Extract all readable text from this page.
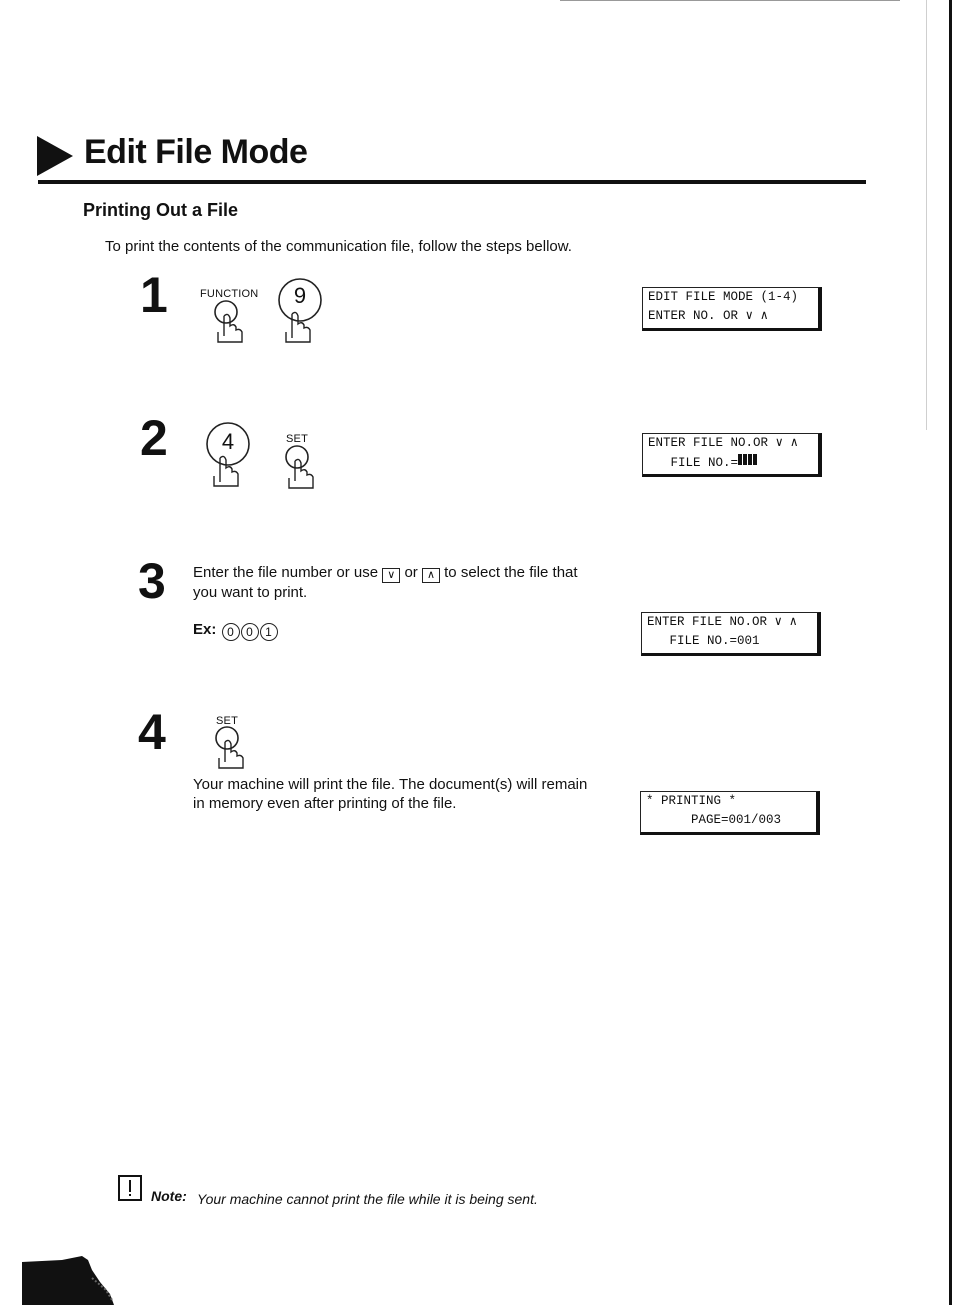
Edit File Mode
Printing Out a File
To print the contents of the communication file, follow the steps bellow.
1	FUNCTION	9	EDIT FILE MODE (1-4)
ENTER NO. OR ∨ ∧
2	4	SET	ENTER FILE NO.OR ∨ ∧
FILE NO.=
3 Enter the file number or use ∨ or ∧ to select the file that
you want to print.
Ex: 0 0 1
ENTER FILE NO.OR ∨ ∧
FILE NO.=001
4	SET
Your machine will print the file. The document(s) will remain
in memory even after printing of the file.	* PRINTING *
PAGE=001/003
Note: Your machine cannot print the file while it is being sent.
